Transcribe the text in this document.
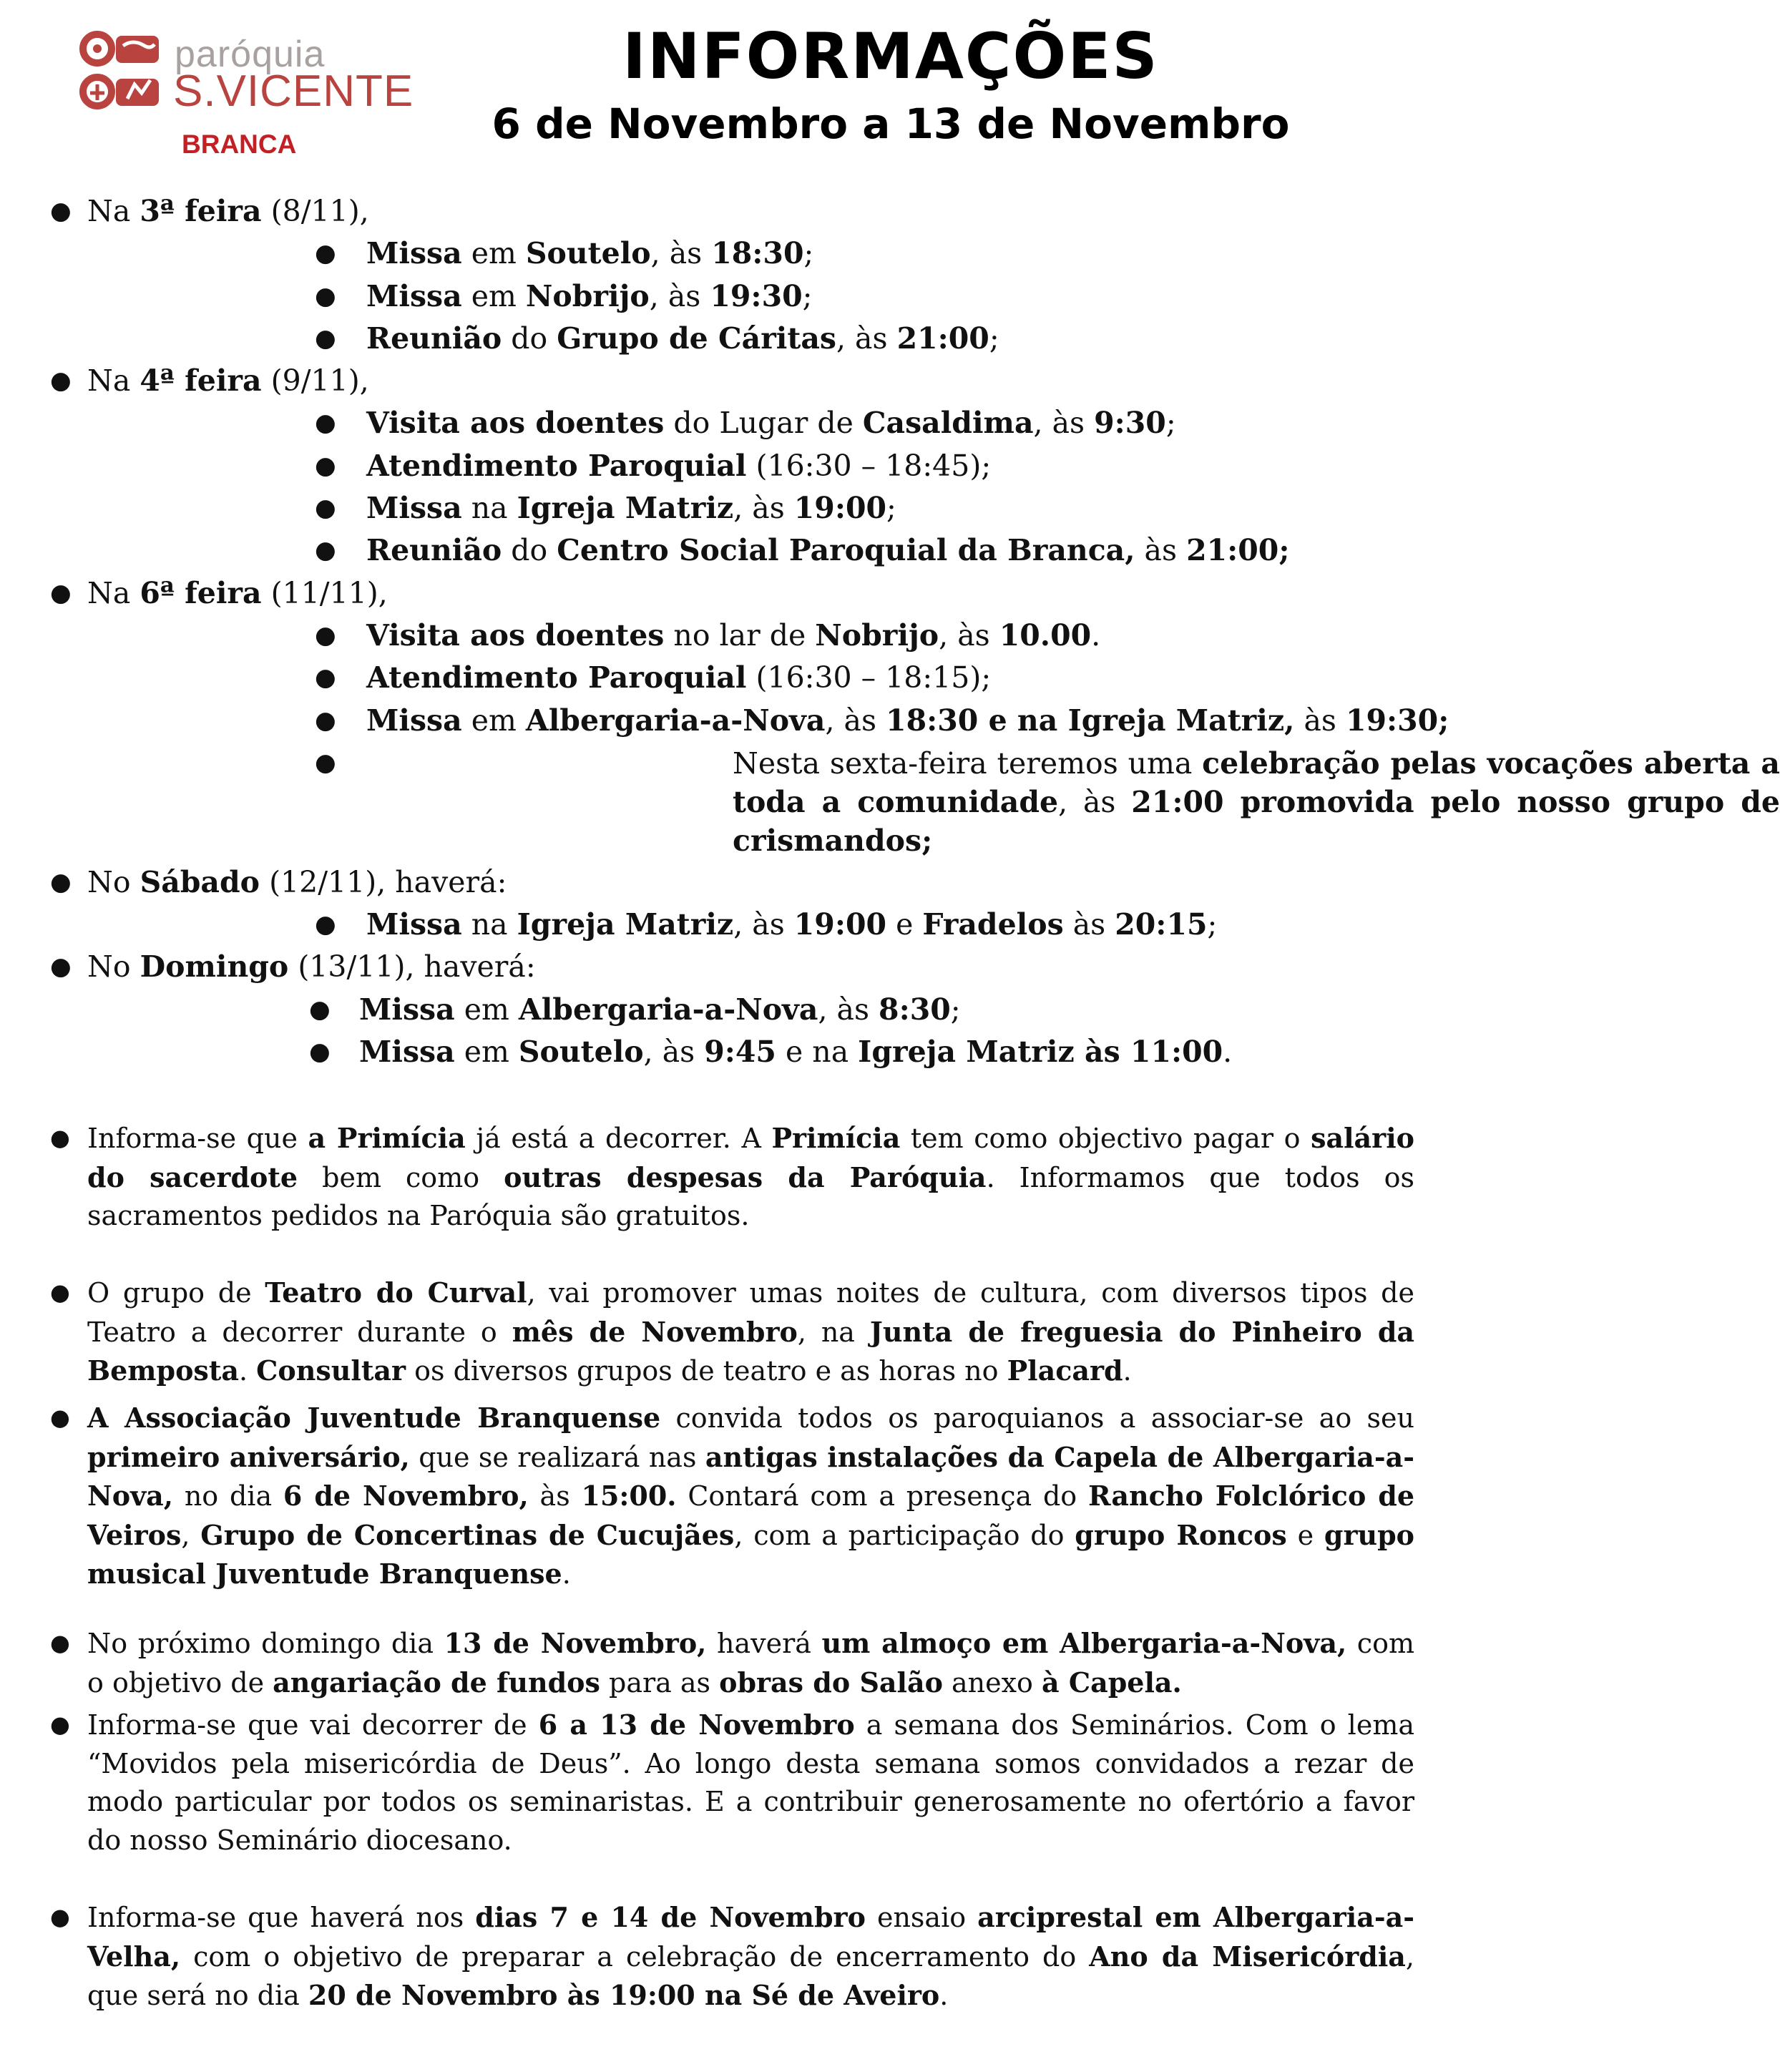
paróquia
S.VICENTE
BRANCA
INFORMAÇÕES
6 de Novembro a 13 de Novembro
● Na 3ª feira (8/11),
● Missa em Soutelo, às 18:30;
● Missa em Nobrijo, às 19:30;
● Reunião do Grupo de Cáritas, às 21:00;
● Na 4ª feira (9/11),
● Visita aos doentes do Lugar de Casaldima, às 9:30;
● Atendimento Paroquial (16:30 – 18:45);
● Missa na Igreja Matriz, às 19:00;
● Reunião do Centro Social Paroquial da Branca, às 21:00;
● Na 6ª feira (11/11),
● Visita aos doentes no lar de Nobrijo, às 10.00.
● Atendimento Paroquial (16:30 – 18:15);
● Missa em Albergaria-a-Nova, às 18:30 e na Igreja Matriz, às 19:30;
●	Nesta sexta-feira teremos uma celebração pelas vocações aberta a toda a comunidade, às 21:00 promovida pelo nosso grupo de crismandos;
● No Sábado (12/11), haverá:
● Missa na Igreja Matriz, às 19:00 e Fradelos às 20:15;
● No Domingo (13/11), haverá:
● Missa em Albergaria-a-Nova, às 8:30;
● Missa em Soutelo, às 9:45 e na Igreja Matriz às 11:00.
● Informa-se que a Primícia já está a decorrer. A Primícia tem como objectivo pagar o salário do sacerdote bem como outras despesas da Paróquia. Informamos que todos os sacramentos pedidos na Paróquia são gratuitos.
● O grupo de Teatro do Curval, vai promover umas noites de cultura, com diversos tipos de Teatro a decorrer durante o mês de Novembro, na Junta de freguesia do Pinheiro da Bemposta. Consultar os diversos grupos de teatro e as horas no Placard.
● A Associação Juventude Branquense convida todos os paroquianos a associar-se ao seu primeiro aniversário, que se realizará nas antigas instalações da Capela de Albergaria-a-Nova, no dia 6 de Novembro, às 15:00. Contará com a presença do Rancho Folclórico de Veiros, Grupo de Concertinas de Cucujães, com a participação do grupo Roncos e grupo musical Juventude Branquense.
● No próximo domingo dia 13 de Novembro, haverá um almoço em Albergaria-a-Nova, com o objetivo de angariação de fundos para as obras do Salão anexo à Capela.
● Informa-se que vai decorrer de 6 a 13 de Novembro a semana dos Seminários. Com o lema “Movidos pela misericórdia de Deus”. Ao longo desta semana somos convidados a rezar de modo particular por todos os seminaristas. E a contribuir generosamente no ofertório a favor do nosso Seminário diocesano.
● Informa-se que haverá nos dias 7 e 14 de Novembro ensaio arciprestal em Albergaria-a-Velha, com o objetivo de preparar a celebração de encerramento do Ano da Misericórdia, que será no dia 20 de Novembro às 19:00 na Sé de Aveiro.
